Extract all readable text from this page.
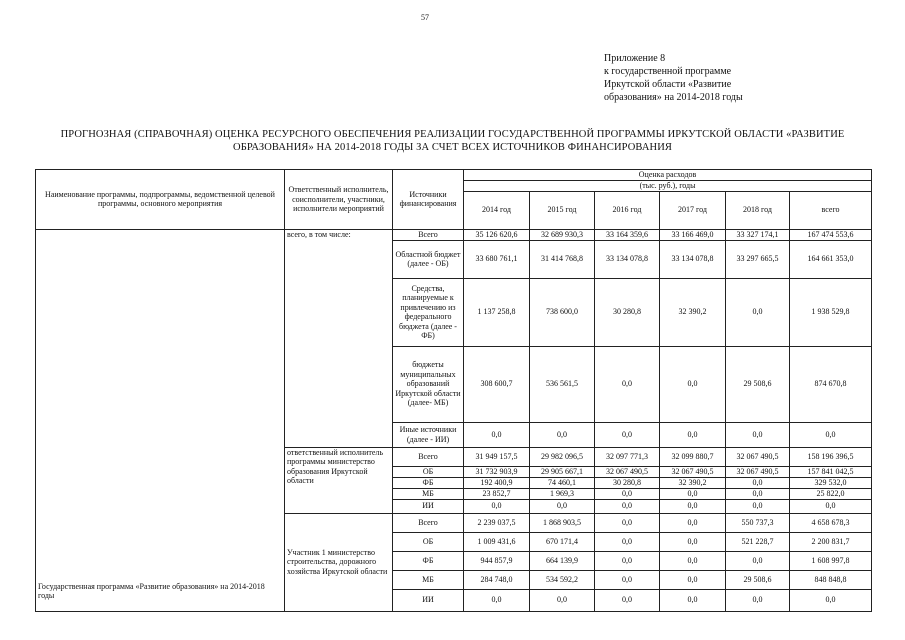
57
Приложение 8
к государственной программе
Иркутской области «Развитие
образования» на 2014-2018 годы
ПРОГНОЗНАЯ (СПРАВОЧНАЯ) ОЦЕНКА РЕСУРСНОГО ОБЕСПЕЧЕНИЯ РЕАЛИЗАЦИИ ГОСУДАРСТВЕННОЙ ПРОГРАММЫ ИРКУТСКОЙ ОБЛАСТИ «РАЗВИТИЕ
ОБРАЗОВАНИЯ» НА 2014-2018 ГОДЫ ЗА СЧЕТ ВСЕХ ИСТОЧНИКОВ ФИНАНСИРОВАНИЯ
Наименование программы, подпрограммы, ведомственной целевой программы, основного мероприятия	Ответственный исполнитель, соисполнители, участники, исполнители мероприятий	Источники финансирования	Оценка расходов					
			(тыс. руб.), годы					
			2014 год	2015 год	2016 год	2017 год	2018 год	всего
Государственная программа «Развитие образования» на 2014-2018 годы	всего, в том числе:	Всего	35 126 620,6	32 689 930,3	33 164 359,6	33 166 469,0	33 327 174,1	167 474 553,6
		Областной бюджет (далее - ОБ)	33 680 761,1	31 414 768,8	33 134 078,8	33 134 078,8	33 297 665,5	164 661 353,0
		Средства, планируемые к привлечению из федерального бюджета (далее - ФБ)	1 137 258,8	738 600,0	30 280,8	32 390,2	0,0	1 938 529,8
		бюджеты муниципальных образований Иркутской области (далее- МБ)	308 600,7	536 561,5	0,0	0,0	29 508,6	874 670,8
		Иные источники (далее - ИИ)	0,0	0,0	0,0	0,0	0,0	0,0
	ответственный исполнитель программы министерство образования Иркутской области	Всего	31 949 157,5	29 982 096,5	32 097 771,3	32 099 880,7	32 067 490,5	158 196 396,5
		ОБ	31 732 903,9	29 905 667,1	32 067 490,5	32 067 490,5	32 067 490,5	157 841 042,5
		ФБ	192 400,9	74 460,1	30 280,8	32 390,2	0,0	329 532,0
		МБ	23 852,7	1 969,3	0,0	0,0	0,0	25 822,0
		ИИ	0,0	0,0	0,0	0,0	0,0	0,0
	Участник 1 министерство строительства, дорожного хозяйства Иркутской области	Всего	2 239 037,5	1 868 903,5	0,0	0,0	550 737,3	4 658 678,3
		ОБ	1 009 431,6	670 171,4	0,0	0,0	521 228,7	2 200 831,7
		ФБ	944 857,9	664 139,9	0,0	0,0	0,0	1 608 997,8
		МБ	284 748,0	534 592,2	0,0	0,0	29 508,6	848 848,8
		ИИ	0,0	0,0	0,0	0,0	0,0	0,0
